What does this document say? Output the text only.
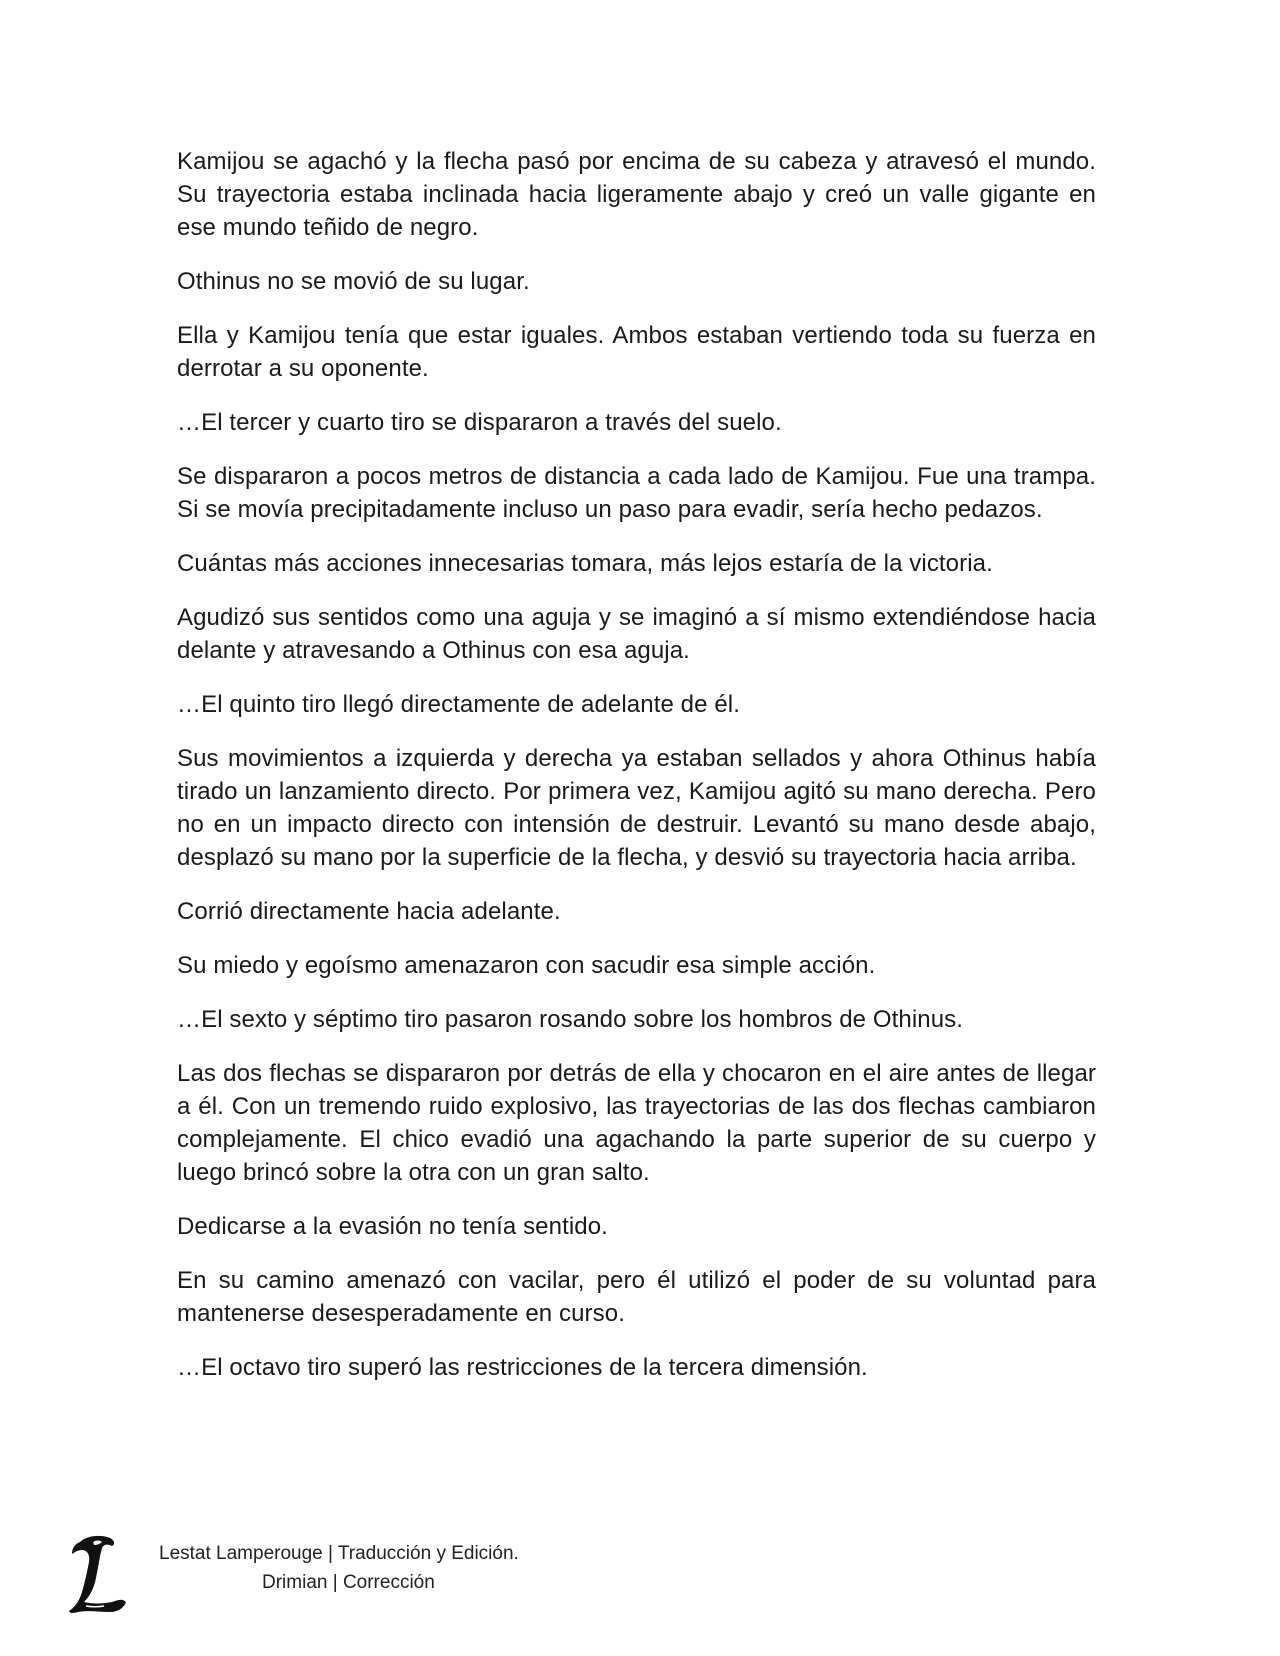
Kamijou se agachó y la flecha pasó por encima de su cabeza y atravesó el mundo. Su trayectoria estaba inclinada hacia ligeramente abajo y creó un valle gigante en ese mundo teñido de negro.

Othinus no se movió de su lugar.

Ella y Kamijou tenía que estar iguales. Ambos estaban vertiendo toda su fuerza en derrotar a su oponente.

…El tercer y cuarto tiro se dispararon a través del suelo.

Se dispararon a pocos metros de distancia a cada lado de Kamijou. Fue una trampa. Si se movía precipitadamente incluso un paso para evadir, sería hecho pedazos.

Cuántas más acciones innecesarias tomara, más lejos estaría de la victoria.

Agudizó sus sentidos como una aguja y se imaginó a sí mismo extendiéndose hacia delante y atravesando a Othinus con esa aguja.

…El quinto tiro llegó directamente de adelante de él.

Sus movimientos a izquierda y derecha ya estaban sellados y ahora Othinus había tirado un lanzamiento directo. Por primera vez, Kamijou agitó su mano derecha. Pero no en un impacto directo con intensión de destruir. Levantó su mano desde abajo, desplazó su mano por la superficie de la flecha, y desvió su trayectoria hacia arriba.

Corrió directamente hacia adelante.

Su miedo y egoísmo amenazaron con sacudir esa simple acción.

…El sexto y séptimo tiro pasaron rosando sobre los hombros de Othinus.

Las dos flechas se dispararon por detrás de ella y chocaron en el aire antes de llegar a él. Con un tremendo ruido explosivo, las trayectorias de las dos flechas cambiaron complejamente. El chico evadió una agachando la parte superior de su cuerpo y luego brincó sobre la otra con un gran salto.

Dedicarse a la evasión no tenía sentido.

En su camino amenazó con vacilar, pero él utilizó el poder de su voluntad para mantenerse desesperadamente en curso.

…El octavo tiro superó las restricciones de la tercera dimensión.

Lestat Lamperouge | Traducción y Edición.
Drimian | Corrección
